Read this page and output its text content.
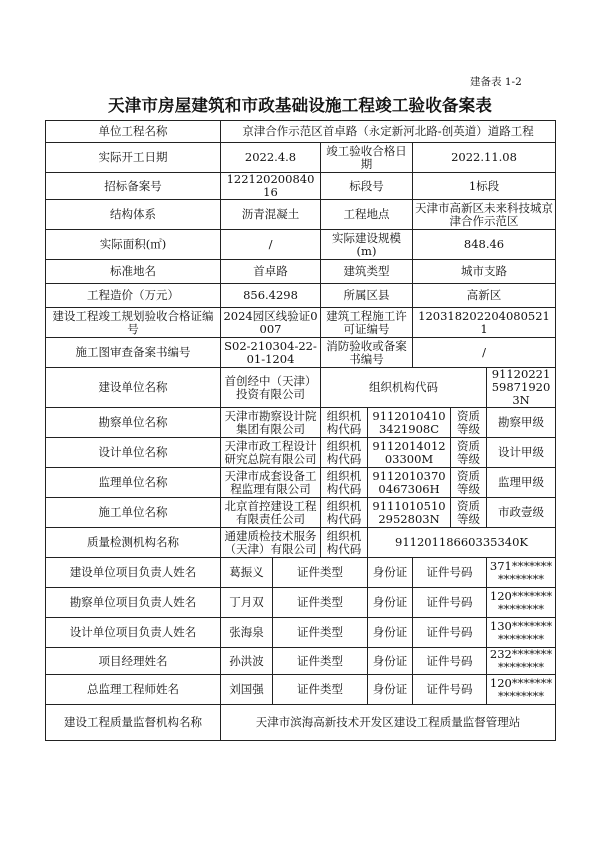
建备表 1-2
天津市房屋建筑和市政基础设施工程竣工验收备案表
单位工程名称	京津合作示范区首卓路（永定新河北路-创英道）道路工程						
实际开工日期	2022.4.8		竣工验收合格日期		2022.11.08		
招标备案号	12212020084016		标段号		1标段		
结构体系	沥青混凝土		工程地点		天津市高新区未来科技城京津合作示范区		
实际面积(㎡)	/		实际建设规模(m)		848.46		
标准地名	首卓路		建筑类型		城市支路		
工程造价（万元）	856.4298		所属区县		高新区		
建设工程竣工规划验收合格证编号	2024园区线验证0007		建筑工程施工许可证编号		120318202204080521​1		
施工图审查备案书编号	S02-210304-22-01-1204		消防验收或备案书编号		/		
建设单位名称	首创经中（天津）投资有限公司		组织机构代码				91120221598719203N
勘察单位名称	天津市勘察设计院集团有限公司		组织机构代码	911201041​03421908C		资质等级	勘察甲级
设计单位名称	天津市政工程设计研究总院有限公司		组织机构代码	911201401​203300M		资质等级	设计甲级
监理单位名称	天津市成套设备工程监理有限公司		组织机构代码	911201037​00467306H		资质等级	监理甲级
施工单位名称	北京首控建设工程有限责任公司		组织机构代码	911101051​02952803N		资质等级	市政壹级
质量检测机构名称	通建质检技术服务（天津）有限公司		组织机构代码	91120118660335340K			
建设单位项目负责人姓名	葛振义	证件类型		身份证	证件号码		371***************
勘察单位项目负责人姓名	丁月双	证件类型		身份证	证件号码		120***************
设计单位项目负责人姓名	张海泉	证件类型		身份证	证件号码		130***************
项目经理姓名	孙洪波	证件类型		身份证	证件号码		232***************
总监理工程师姓名	刘国强	证件类型		身份证	证件号码		120***************
建设工程质量监督机构名称	天津市滨海高新技术开发区建设工程质量监督管理站						
